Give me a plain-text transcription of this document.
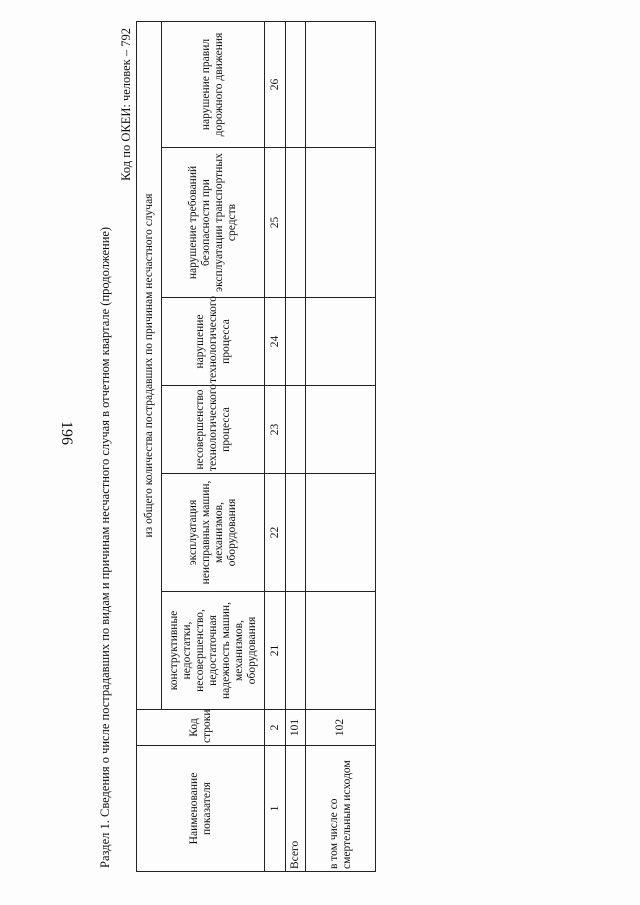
196	Раздел 1. Сведения о числе пострадавших по видам и причинам несчастного случая в отчетном квартале (продолжение)
Код по ОКЕИ: человек – 792
Наименование показателя	Код строки	из общего количества пострадавших по причинам несчастного случая					
		конструктивные недостатки, несовершенство, недостаточная надежность машин, механизмов, оборудования	эксплуатация неисправных машин, механизмов, оборудования	несовершенство технологического процесса	нарушение технологического процесса	нарушение требований безопасности при эксплуатации транспортных средств	нарушение правил дорожного движения
1	2	21	22	23	24	25	26
Всего	101						
в том числе со смертельным исходом	102						
